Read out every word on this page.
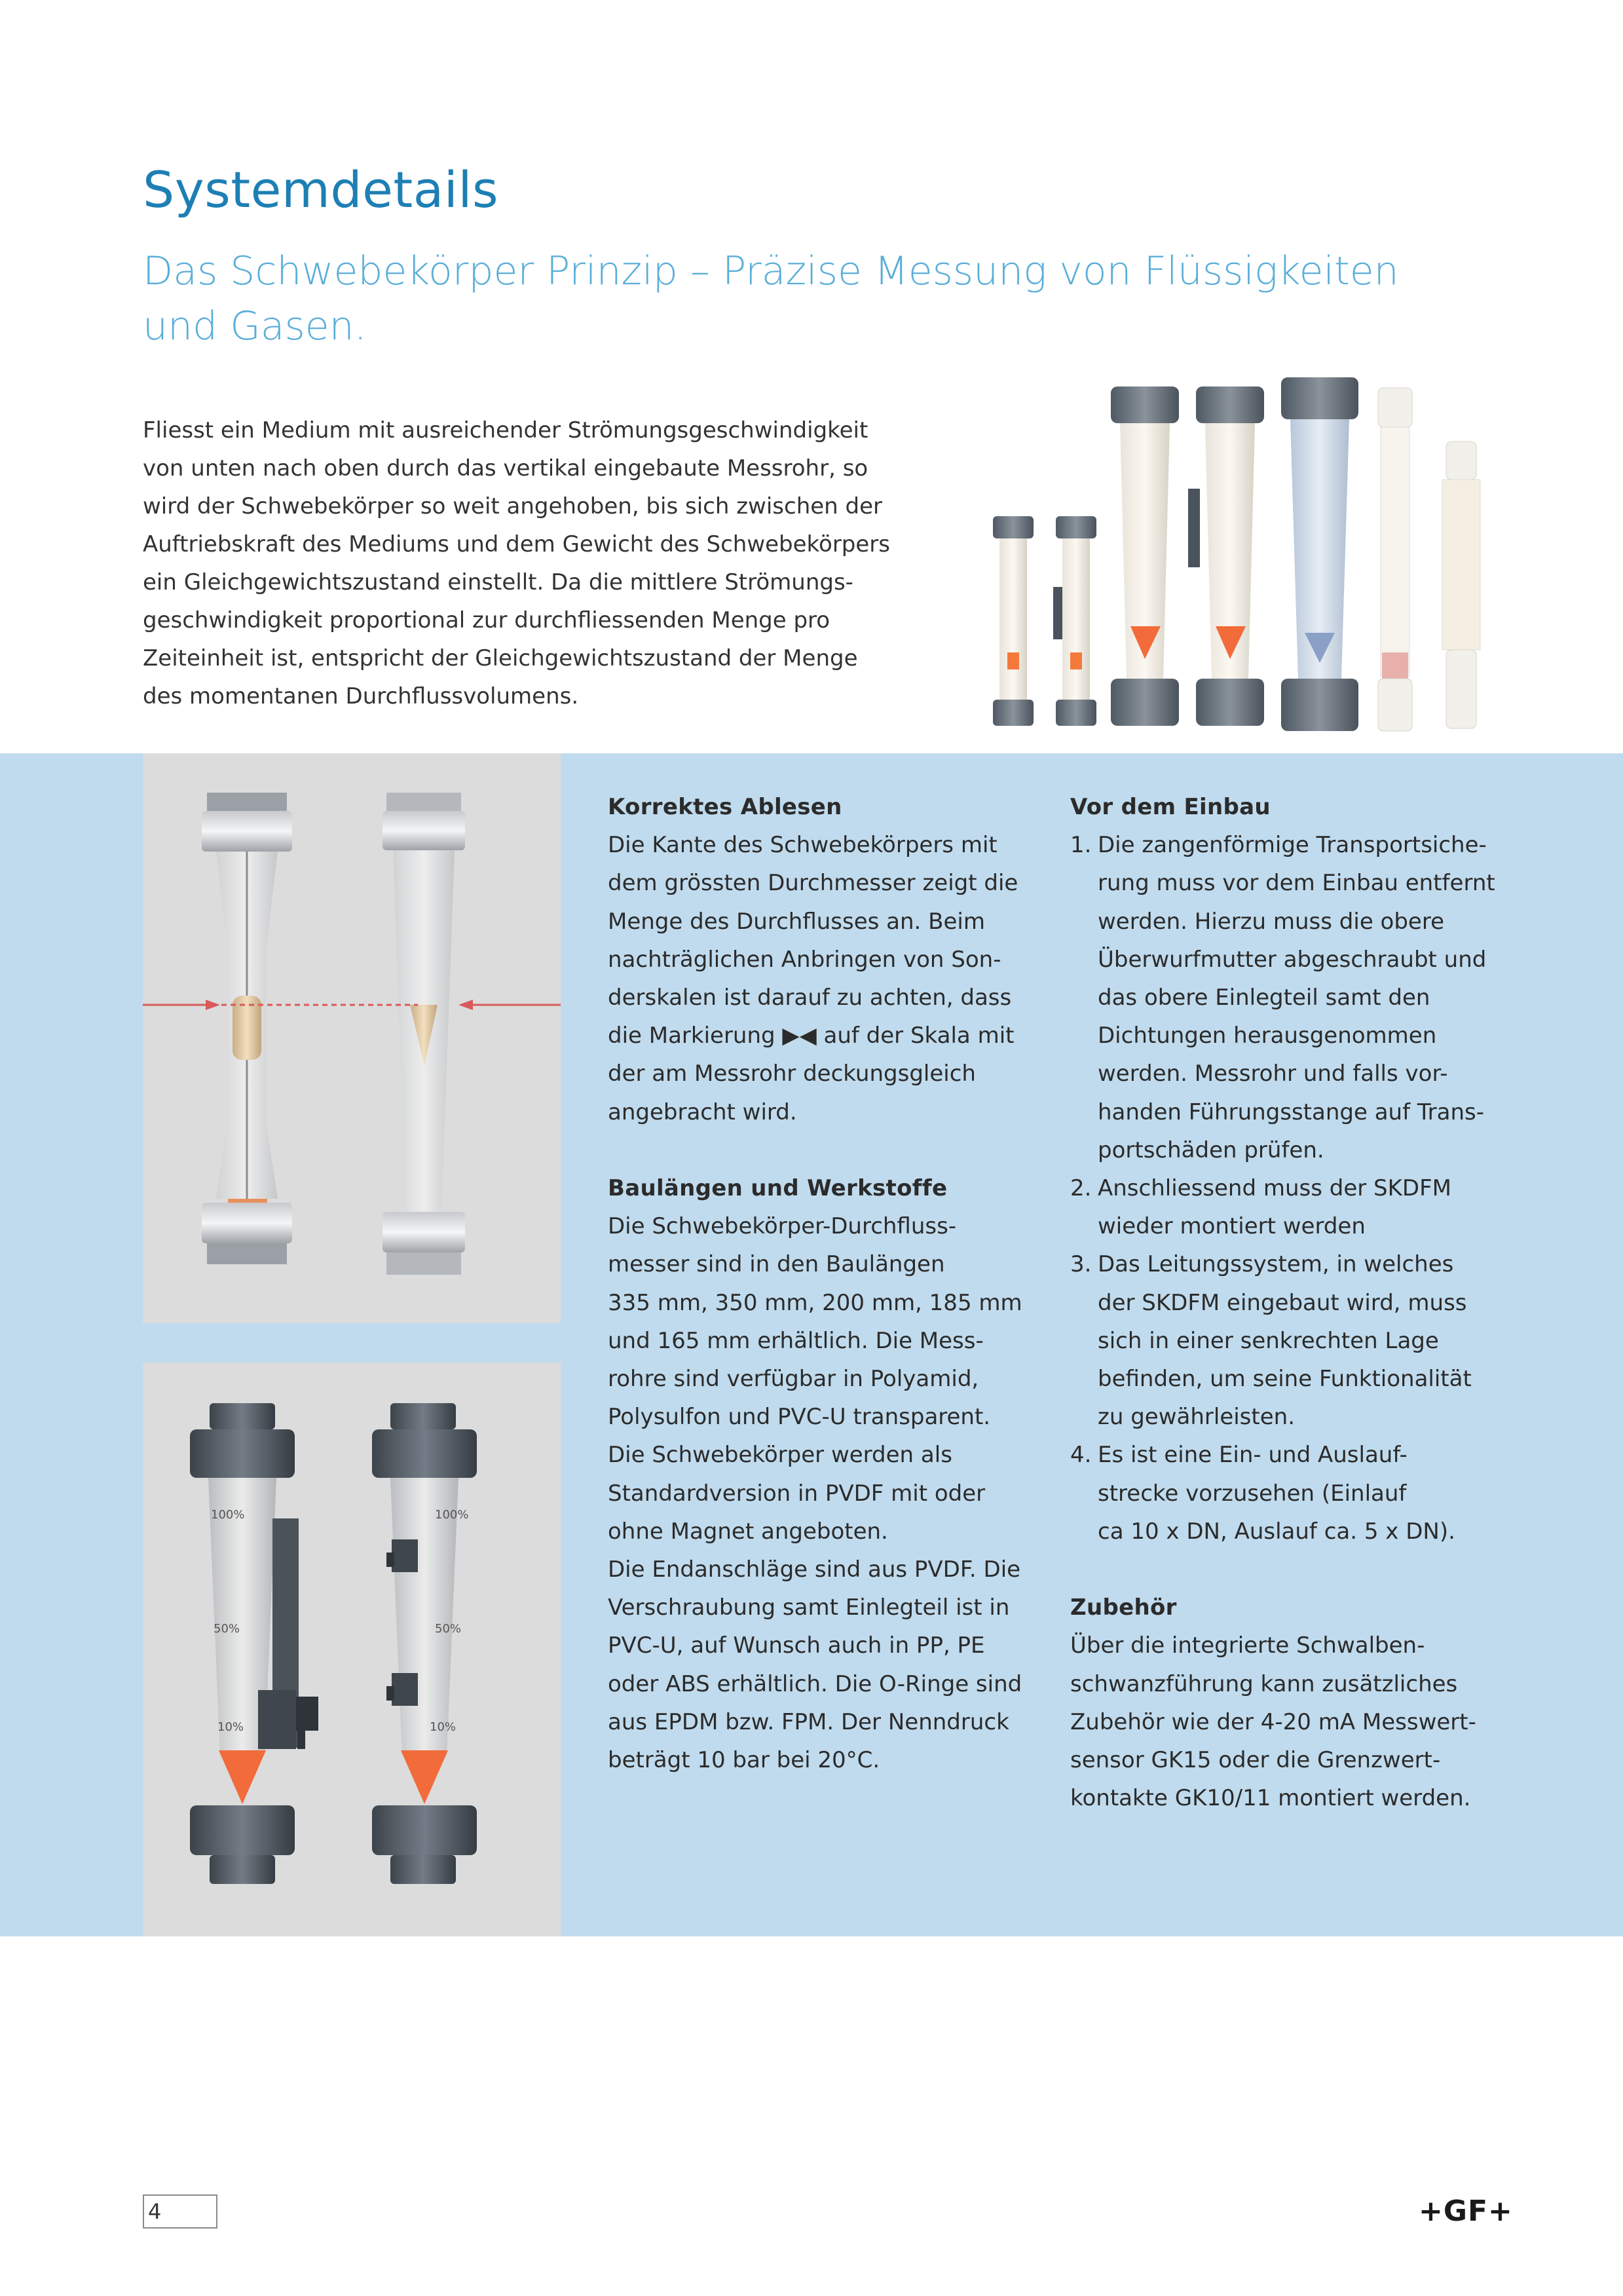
Systemdetails
Das Schwebekörper Prinzip – Präzise Messung von Flüssigkeiten
und Gasen.
Fliesst ein Medium mit ausreichender Strömungsgeschwindigkeit
von unten nach oben durch das vertikal eingebaute Messrohr, so
wird der Schwebekörper so weit angehoben, bis sich zwischen der
Auftriebskraft des Mediums und dem Gewicht des Schwebekörpers
ein Gleichgewichtszustand einstellt. Da die mittlere Strömungs-
geschwindigkeit proportional zur durchfliessenden Menge pro
Zeiteinheit ist, entspricht der Gleichgewichtszustand der Menge
des momentanen Durchflussvolumens.
100%
50%
10%
100%
50%
10%
Korrektes Ablesen
Die Kante des Schwebekörpers mit
dem grössten Durchmesser zeigt die
Menge des Durchflusses an. Beim
nachträglichen Anbringen von Son-
derskalen ist darauf zu achten, dass
die Markierung ▶◀ auf der Skala mit
der am Messrohr deckungsgleich
angebracht wird.
Baulängen und Werkstoffe
Die Schwebekörper-Durchfluss-
messer sind in den Baulängen
335 mm, 350 mm, 200 mm, 185 mm
und 165 mm erhältlich. Die Mess-
rohre sind verfügbar in Polyamid,
Polysulfon und PVC-U transparent.
Die Schwebekörper werden als
Standardversion in PVDF mit oder
ohne Magnet angeboten.
Die Endanschläge sind aus PVDF. Die
Verschraubung samt Einlegteil ist in
PVC-U, auf Wunsch auch in PP, PE
oder ABS erhältlich. Die O-Ringe sind
aus EPDM bzw. FPM. Der Nenndruck
beträgt 10 bar bei 20°C.
Vor dem Einbau
1. Die zangenförmige Transportsiche-
rung muss vor dem Einbau entfernt
werden. Hierzu muss die obere
Überwurfmutter abgeschraubt und
das obere Einlegteil samt den
Dichtungen herausgenommen
werden. Messrohr und falls vor-
handen Führungsstange auf Trans-
portschäden prüfen.
2. Anschliessend muss der SKDFM
wieder montiert werden
3. Das Leitungssystem, in welches
der SKDFM eingebaut wird, muss
sich in einer senkrechten Lage
befinden, um seine Funktionalität
zu gewährleisten.
4. Es ist eine Ein- und Auslauf-
strecke vorzusehen (Einlauf
ca 10 x DN, Auslauf ca. 5 x DN).
Zubehör
Über die integrierte Schwalben-
schwanzführung kann zusätzliches
Zubehör wie der 4-20 mA Messwert-
sensor GK15 oder die Grenzwert-
kontakte GK10/11 montiert werden.
4	+GF+
